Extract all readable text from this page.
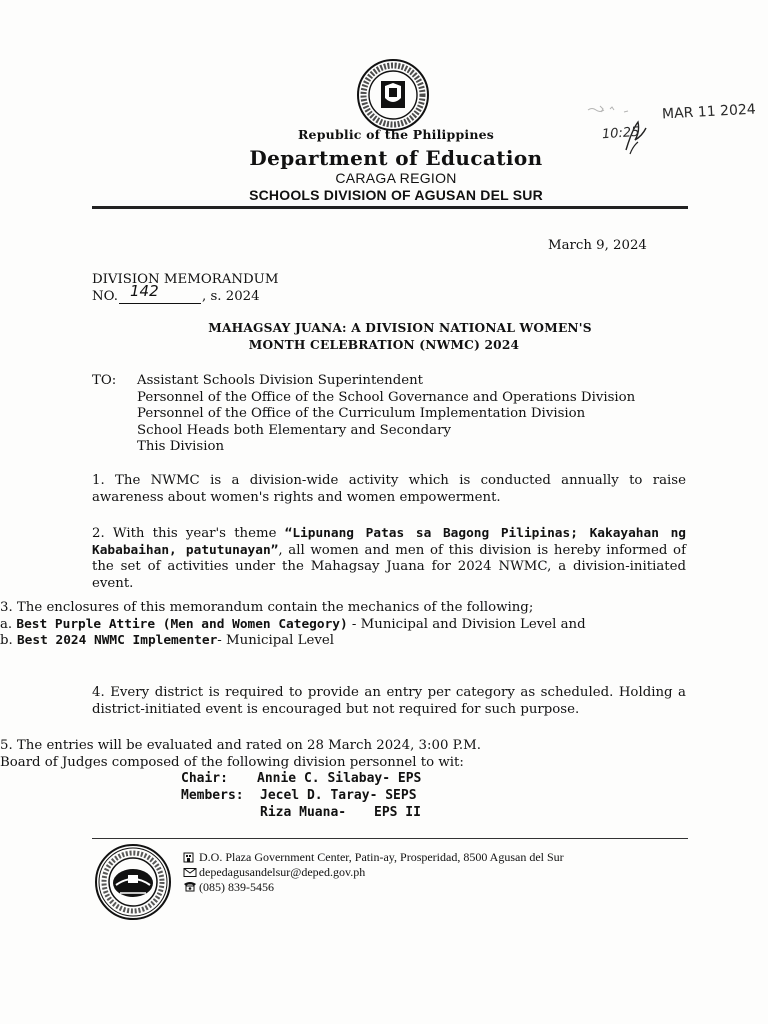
Republic of the Philippines
Department of Education
CARAGA REGION
SCHOOLS DIVISION OF AGUSAN DEL SUR
MAR 11 2024
10:25
March 9, 2024
DIVISION MEMORANDUM
NO. 142	, s. 2024
MAHAGSAY JUANA: A DIVISION NATIONAL WOMEN'S
MONTH CELEBRATION (NWMC) 2024
TO: Assistant Schools Division Superintendent
Personnel of the Office of the School Governance and Operations Division
Personnel of the Office of the Curriculum Implementation Division
School Heads both Elementary and Secondary
This Division
1. The NWMC is a division-wide activity which is conducted annually to raise awareness about women's rights and women empowerment.
2. With this year's theme “Lipunang Patas sa Bagong Pilipinas; Kakayahan ng Kababaihan, patutunayan”, all women and men of this division is hereby informed of the set of activities under the Mahagsay Juana for 2024 NWMC, a division-initiated event.
3. The enclosures of this memorandum contain the mechanics of the following;
a. Best Purple Attire (Men and Women Category) - Municipal and Division Level and
b. Best 2024 NWMC Implementer- Municipal Level
4. Every district is required to provide an entry per category as scheduled. Holding a district-initiated event is encouraged but not required for such purpose.
5. The entries will be evaluated and rated on 28 March 2024, 3:00 P.M.
Board of Judges composed of the following division personnel to wit:
Chair: Annie C. Silabay- EPS
Members: Jecel D. Taray- SEPS
Riza Muana- EPS II
D.O. Plaza Government Center, Patin-ay, Prosperidad, 8500 Agusan del Sur
depedagusandelsur@deped.gov.ph
(085) 839-5456
